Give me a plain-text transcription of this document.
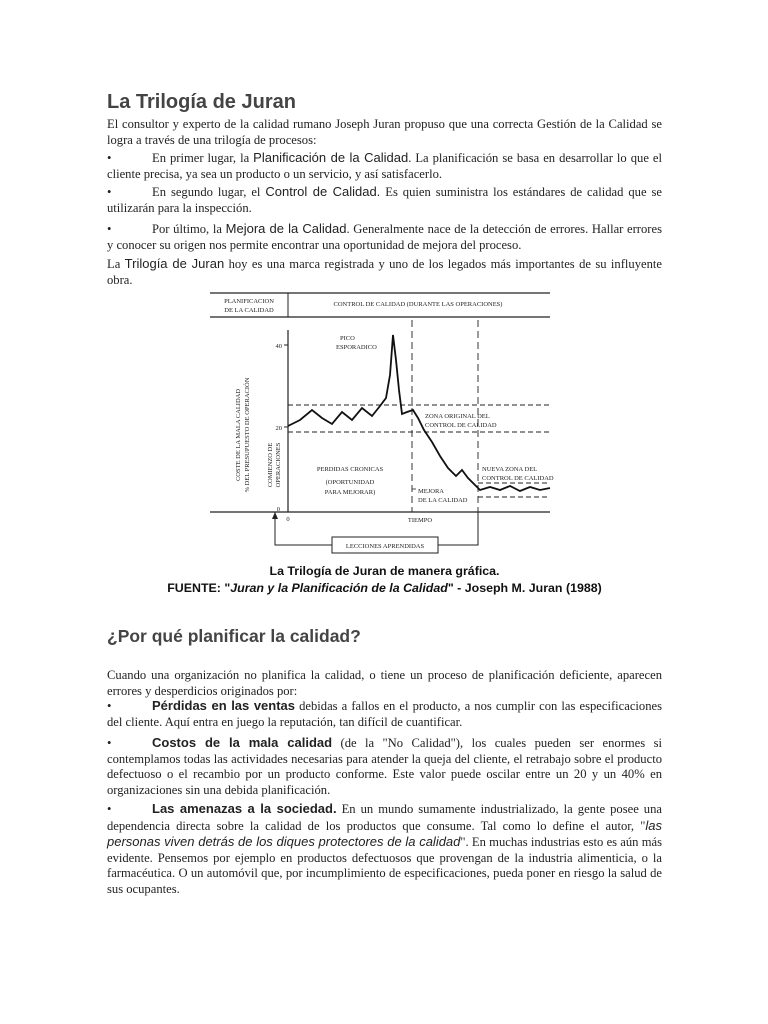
La Trilogía de Juran

El consultor y experto de la calidad rumano Joseph Juran propuso que una correcta Gestión de la Calidad se logra a través de una trilogía de procesos:

•	En primer lugar, la Planificación de la Calidad. La planificación se basa en desarrollar lo que el cliente precisa, ya sea un producto o un servicio, y así satisfacerlo.

•	En segundo lugar, el Control de Calidad. Es quien suministra los estándares de calidad que se utilizarán para la inspección.

•	Por último, la Mejora de la Calidad. Generalmente nace de la detección de errores. Hallar errores y conocer su origen nos permite encontrar una oportunidad de mejora del proceso.

La Trilogía de Juran hoy es una marca registrada y uno de los legados más importantes de su influyente obra.

PLANIFICACION
DE LA CALIDAD
CONTROL DE CALIDAD (DURANTE LAS OPERACIONES)
COSTE DE LA MALA CALIDAD % DEL PRESUPUESTO DE OPERACIÓN COMIENZO DE OPERACIONES
40
20
0
0
PICO
ESPORADICO
ZONA ORIGINAL DEL
CONTROL DE CALIDAD
NUEVA ZONA DEL
CONTROL DE CALIDAD
PERDIDAS CRONICAS
(OPORTUNIDAD
PARA MEJORAR)	MEJORA
DE LA CALIDAD
TIEMPO
LECCIONES APRENDIDAS
La Trilogía de Juran de manera gráfica.
FUENTE: "Juran y la Planificación de la Calidad" - Joseph M. Juran (1988)
¿Por qué planificar la calidad?

Cuando una organización no planifica la calidad, o tiene un proceso de planificación deficiente, aparecen errores y desperdicios originados por:

•	Pérdidas en las ventas debidas a fallos en el producto, a nos cumplir con las especificaciones del cliente. Aquí entra en juego la reputación, tan difícil de cuantificar.

•	Costos de la mala calidad (de la "No Calidad"), los cuales pueden ser enormes si contemplamos todas las actividades necesarias para atender la queja del cliente, el retrabajo sobre el producto defectuoso o el recambio por un producto conforme. Este valor puede oscilar entre un 20 y un 40% en organizaciones sin una debida planificación.

•	Las amenazas a la sociedad. En un mundo sumamente industrializado, la gente posee una dependencia directa sobre la calidad de los productos que consume. Tal como lo define el autor, "las personas viven detrás de los diques protectores de la calidad". En muchas industrias esto es aún más evidente. Pensemos por ejemplo en productos defectuosos que provengan de la industria alimenticia, o la farmacéutica. O un automóvil que, por incumplimiento de especificaciones, pueda poner en riesgo la salud de sus ocupantes.
